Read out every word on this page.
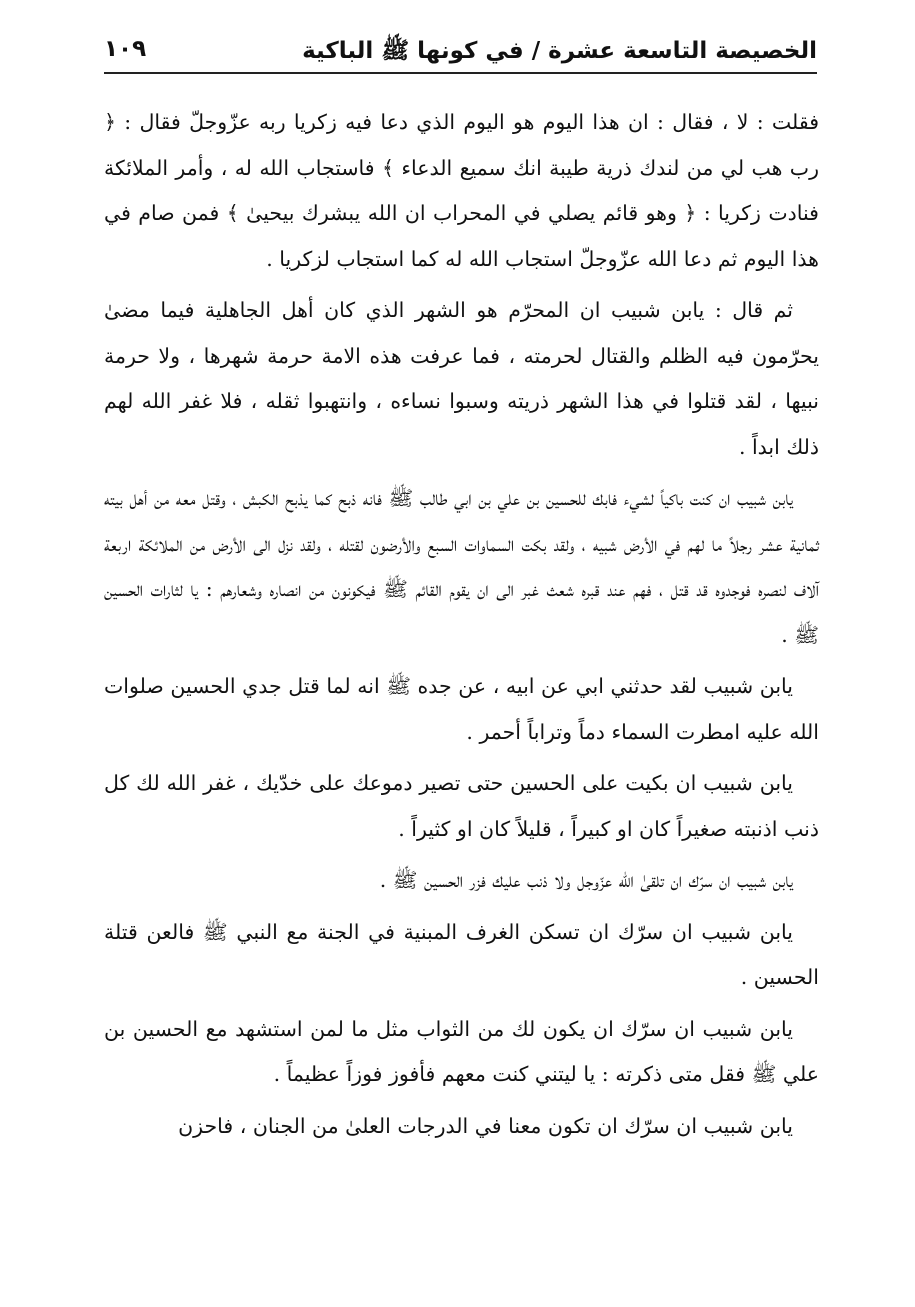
الخصيصة التاسعة عشرة / في كونها ﷺ الباكية
١٠٩

فقلت : لا ، فقال : ان هذا اليوم هو اليوم الذي دعا فيه زكريا ربه عزّوجلّ فقال : ﴿ رب هب لي من لندك ذرية طيبة انك سميع الدعاء ﴾ فاستجاب الله له ، وأمر الملائكة فنادت زكريا : ﴿ وهو قائم يصلي في المحراب ان الله يبشرك بيحيىٰ ﴾ فمن صام في هذا اليوم ثم دعا الله عزّوجلّ استجاب الله له كما استجاب لزكريا .

ثم قال : يابن شبيب ان المحرّم هو الشهر الذي كان أهل الجاهلية فيما مضىٰ يحرّمون فيه الظلم والقتال لحرمته ، فما عرفت هذه الامة حرمة شهرها ، ولا حرمة نبيها ، لقد قتلوا في هذا الشهر ذريته وسبوا نساءه ، وانتهبوا ثقله ، فلا غفر الله لهم ذلك ابداً .

يابن شبيب ان كنت باكياً لشيء فابك للحسين بن علي بن ابي طالب ﷺ فانه ذبح كما يذبح الكبش ، وقتل معه من أهل بيته ثمانية عشر رجلاً ما لهم في الأرض شبيه ، ولقد بكت السماوات السبع والأرضون لقتله ، ولقد نزل الى الأرض من الملائكة اربعة آلاف لنصره فوجدوه قد قتل ، فهم عند قبره شعث غبر الى ان يقوم القائم ﷺ فيكونون من انصاره وشعارهم : يا لثارات الحسين ﷺ .

يابن شبيب لقد حدثني ابي عن ابيه ، عن جده ﷺ انه لما قتل جدي الحسين صلوات الله عليه امطرت السماء دماً وتراباً أحمر .

يابن شبيب ان بكيت على الحسين حتى تصير دموعك على خدّيك ، غفر الله لك كل ذنب اذنبته صغيراً كان او كبيراً ، قليلاً كان او كثيراً .

يابن شبيب ان سرّك ان تلقىٰ الله عزّوجل ولا ذنب عليك فزر الحسين ﷺ .

يابن شبيب ان سرّك ان تسكن الغرف المبنية في الجنة مع النبي ﷺ فالعن قتلة الحسين .

يابن شبيب ان سرّك ان يكون لك من الثواب مثل ما لمن استشهد مع الحسين بن علي ﷺ فقل متى ذكرته : يا ليتني كنت معهم فأفوز فوزاً عظيماً .

يابن شبيب ان سرّك ان تكون معنا في الدرجات العلىٰ من الجنان ، فاحزن
